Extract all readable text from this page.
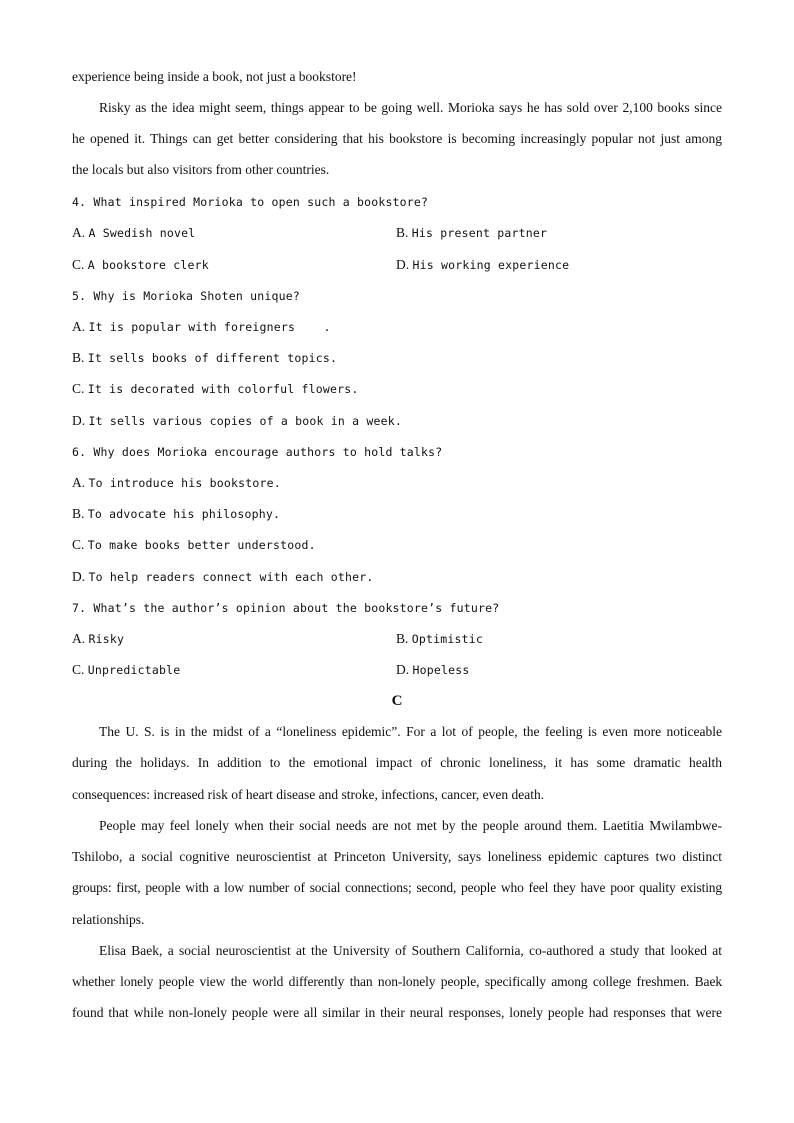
experience being inside a book, not just a bookstore!
Risky as the idea might seem, things appear to be going well. Morioka says he has sold over 2,100 books since
he opened it. Things can get better considering that his bookstore is becoming increasingly popular not just among
the locals but also visitors from other countries.
4. What inspired Morioka to open such a bookstore?
A. A Swedish novel	B. His present partner
C. A bookstore clerk	D. His working experience
5. Why is Morioka Shoten unique?
A. It is popular with foreigners    .
B. It sells books of different topics.
C. It is decorated with colorful flowers.
D. It sells various copies of a book in a week.
6. Why does Morioka encourage authors to hold talks?
A. To introduce his bookstore.
B. To advocate his philosophy.
C. To make books better understood.
D. To help readers connect with each other.
7. What’s the author’s opinion about the bookstore’s future?
A. Risky	B. Optimistic
C. Unpredictable	D. Hopeless
C
The U. S. is in the midst of a “loneliness epidemic”. For a lot of people, the feeling is even more noticeable
during the holidays. In addition to the emotional impact of chronic loneliness, it has some dramatic health
consequences: increased risk of heart disease and stroke, infections, cancer, even death.
People may feel lonely when their social needs are not met by the people around them. Laetitia Mwilambwe-
Tshilobo, a social cognitive neuroscientist at Princeton University, says loneliness epidemic captures two distinct
groups: first, people with a low number of social connections; second, people who feel they have poor quality existing
relationships.
Elisa Baek, a social neuroscientist at the University of Southern California, co-authored a study that looked at
whether lonely people view the world differently than non-lonely people, specifically among college freshmen. Baek
found that while non-lonely people were all similar in their neural responses, lonely people had responses that were
